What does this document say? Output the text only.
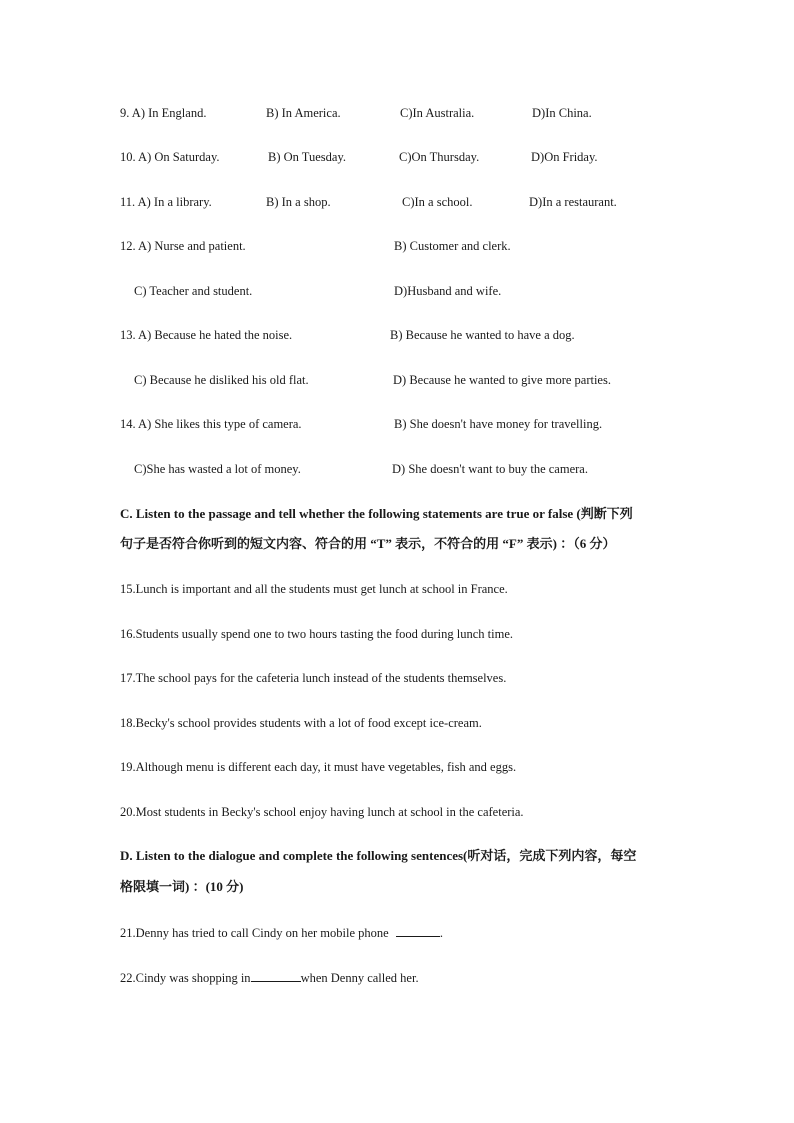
9. A) In England.	B) In America.	C)In Australia.	D)In China.
10. A) On Saturday.	B) On Tuesday.	C)On Thursday.	D)On Friday.
11. A) In a library.	B) In a shop.	C)In a school.	D)In a restaurant.
12. A) Nurse and patient.	B) Customer and clerk.
C) Teacher and student.	D)Husband and wife.
13. A) Because he hated the noise.	B) Because he wanted to have a dog.
C) Because he disliked his old flat.	D) Because he wanted to give more parties.
14. A) She likes this type of camera.	B) She doesn't have money for travelling.
C)She has wasted a lot of money.	D) She doesn't want to buy the camera.
C. Listen to the passage and tell whether the following statements are true or false (判断下列
句子是否符合你听到的短文内容、符合的用 “T” 表示，不符合的用 “F” 表示) ：（6 分）
15.Lunch is important and all the students must get lunch at school in France.
16.Students usually spend one to two hours tasting the food during lunch time.
17.The school pays for the cafeteria lunch instead of the students themselves.
18.Becky's school provides students with a lot of food except ice-cream.
19.Although menu is different each day, it must have vegetables, fish and eggs.
20.Most students in Becky's school enjoy having lunch at school in the cafeteria.
D. Listen to the dialogue and complete the following sentences(听对话，完成下列内容，每空
格限填一词) ：(10 分)
21.Denny has tried to call Cindy on her mobile phone	.
22.Cindy was shopping in	when Denny called her.
